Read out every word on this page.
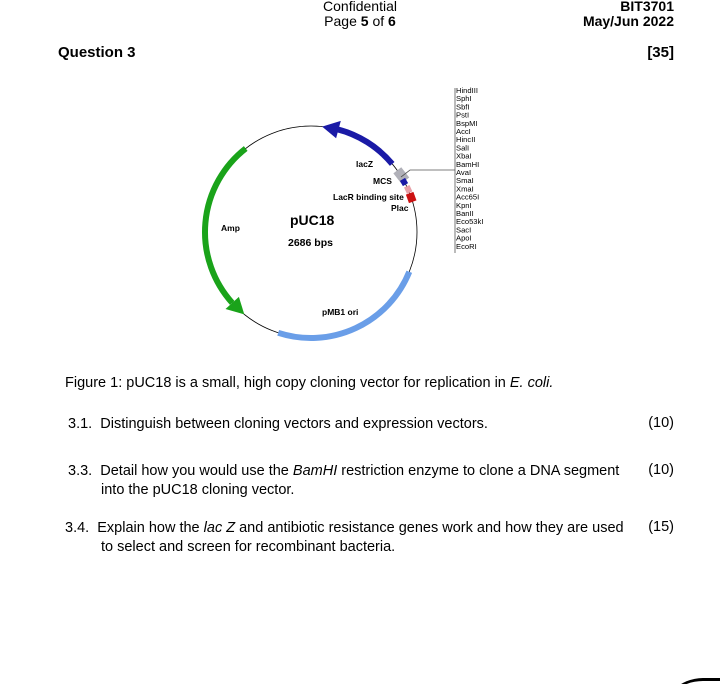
Confidential
Page 5 of 6
BIT3701
May/Jun 2022
Question 3	[35]
lacZ
MCS
LacR binding site
Plac
Amp
pMB1 ori
pUC18
2686 bps
HindIII
SphI
SbfI
PstI
BspMI
AccI
HincII
SalI
XbaI
BamHI
AvaI
SmaI
XmaI
Acc65I
KpnI
BanII
Eco53kI
SacI
ApoI
EcoRI
Figure 1: pUC18 is a small, high copy cloning vector for replication in E. coli.
3.1. Distinguish between cloning vectors and expression vectors.	(10)
3.3. Detail how you would use the BamHI restriction enzyme to clone a DNA segment
into the pUC18 cloning vector.
(10)
3.4. Explain how the lac Z and antibiotic resistance genes work and how they are used
to select and screen for recombinant bacteria.
(15)
